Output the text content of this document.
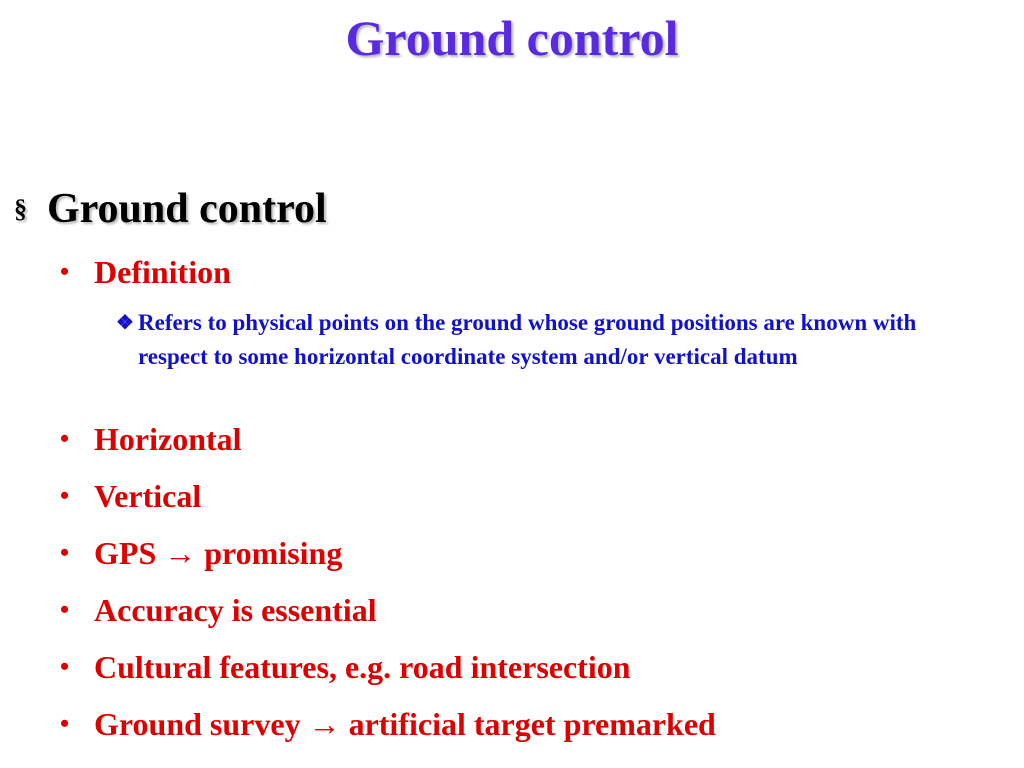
Ground control
§ Ground control
• Definition
❖ Refers to physical points on the ground whose ground positions are known with respect to some horizontal coordinate system and/or vertical datum
• Horizontal
• Vertical
• GPS → promising
• Accuracy is essential
• Cultural features, e.g. road intersection
• Ground survey → artificial target premarked
